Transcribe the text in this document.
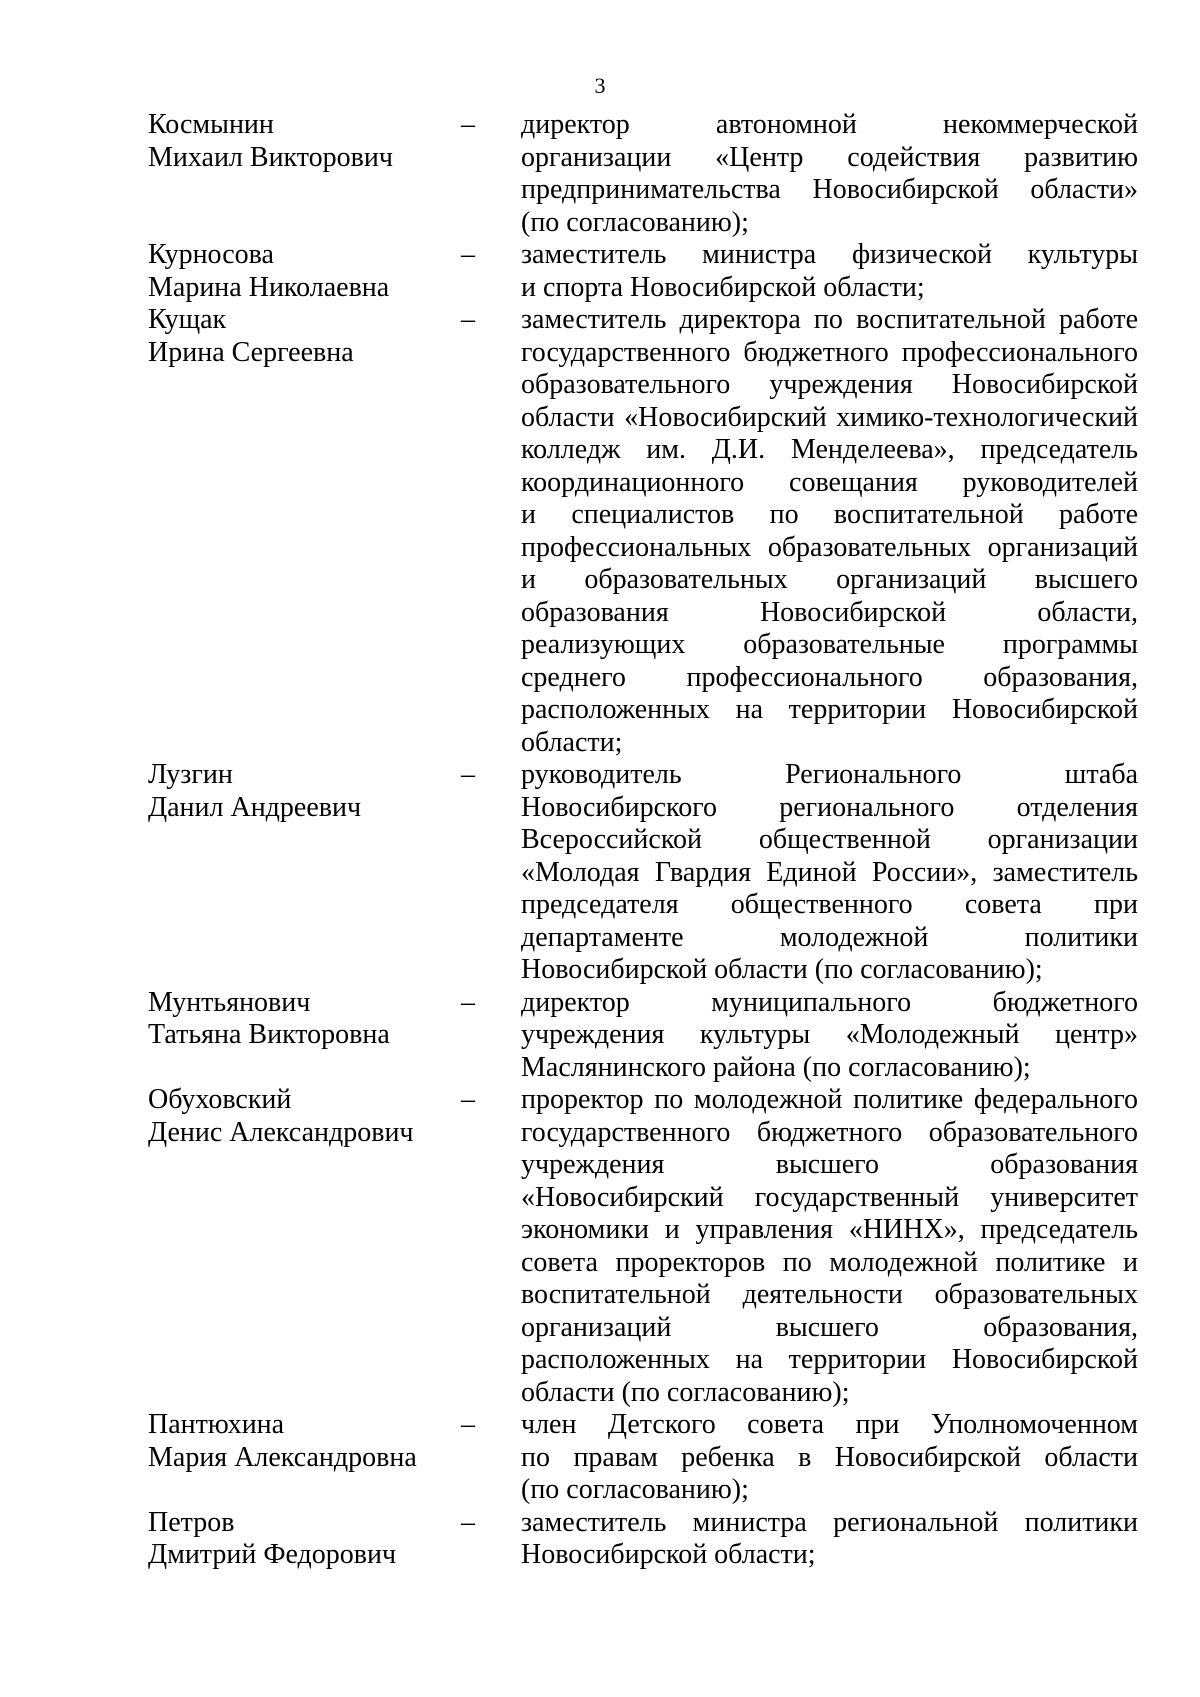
3
Космынин
Михаил Викторович
–	директор автономной некоммерческой
организации «Центр содействия развитию
предпринимательства Новосибирской области»
(по согласованию);
Курносова
Марина Николаевна
–	заместитель министра физической культуры
и спорта Новосибирской области;
Кущак
Ирина Сергеевна
–	заместитель директора по воспитательной работе
государственного бюджетного профессионального
образовательного учреждения Новосибирской
области «Новосибирский химико-технологический
колледж им. Д.И. Менделеева», председатель
координационного совещания руководителей
и специалистов по воспитательной работе
профессиональных образовательных организаций
и образовательных организаций высшего
образования Новосибирской области,
реализующих образовательные программы
среднего профессионального образования,
расположенных на территории Новосибирской
области;
Лузгин
Данил Андреевич
–	руководитель Регионального штаба
Новосибирского регионального отделения
Всероссийской общественной организации
«Молодая Гвардия Единой России», заместитель
председателя общественного совета при
департаменте молодежной политики
Новосибирской области (по согласованию);
Мунтьянович
Татьяна Викторовна
–	директор муниципального бюджетного
учреждения культуры «Молодежный центр»
Маслянинского района (по согласованию);
Обуховский
Денис Александрович
–	проректор по молодежной политике федерального
государственного бюджетного образовательного
учреждения высшего образования
«Новосибирский государственный университет
экономики и управления «НИНХ», председатель
совета проректоров по молодежной политике и
воспитательной деятельности образовательных
организаций высшего образования,
расположенных на территории Новосибирской
области (по согласованию);
Пантюхина
Мария Александровна
–	член Детского совета при Уполномоченном
по правам ребенка в Новосибирской области
(по согласованию);
Петров
Дмитрий Федорович
–	заместитель министра региональной политики
Новосибирской области;
